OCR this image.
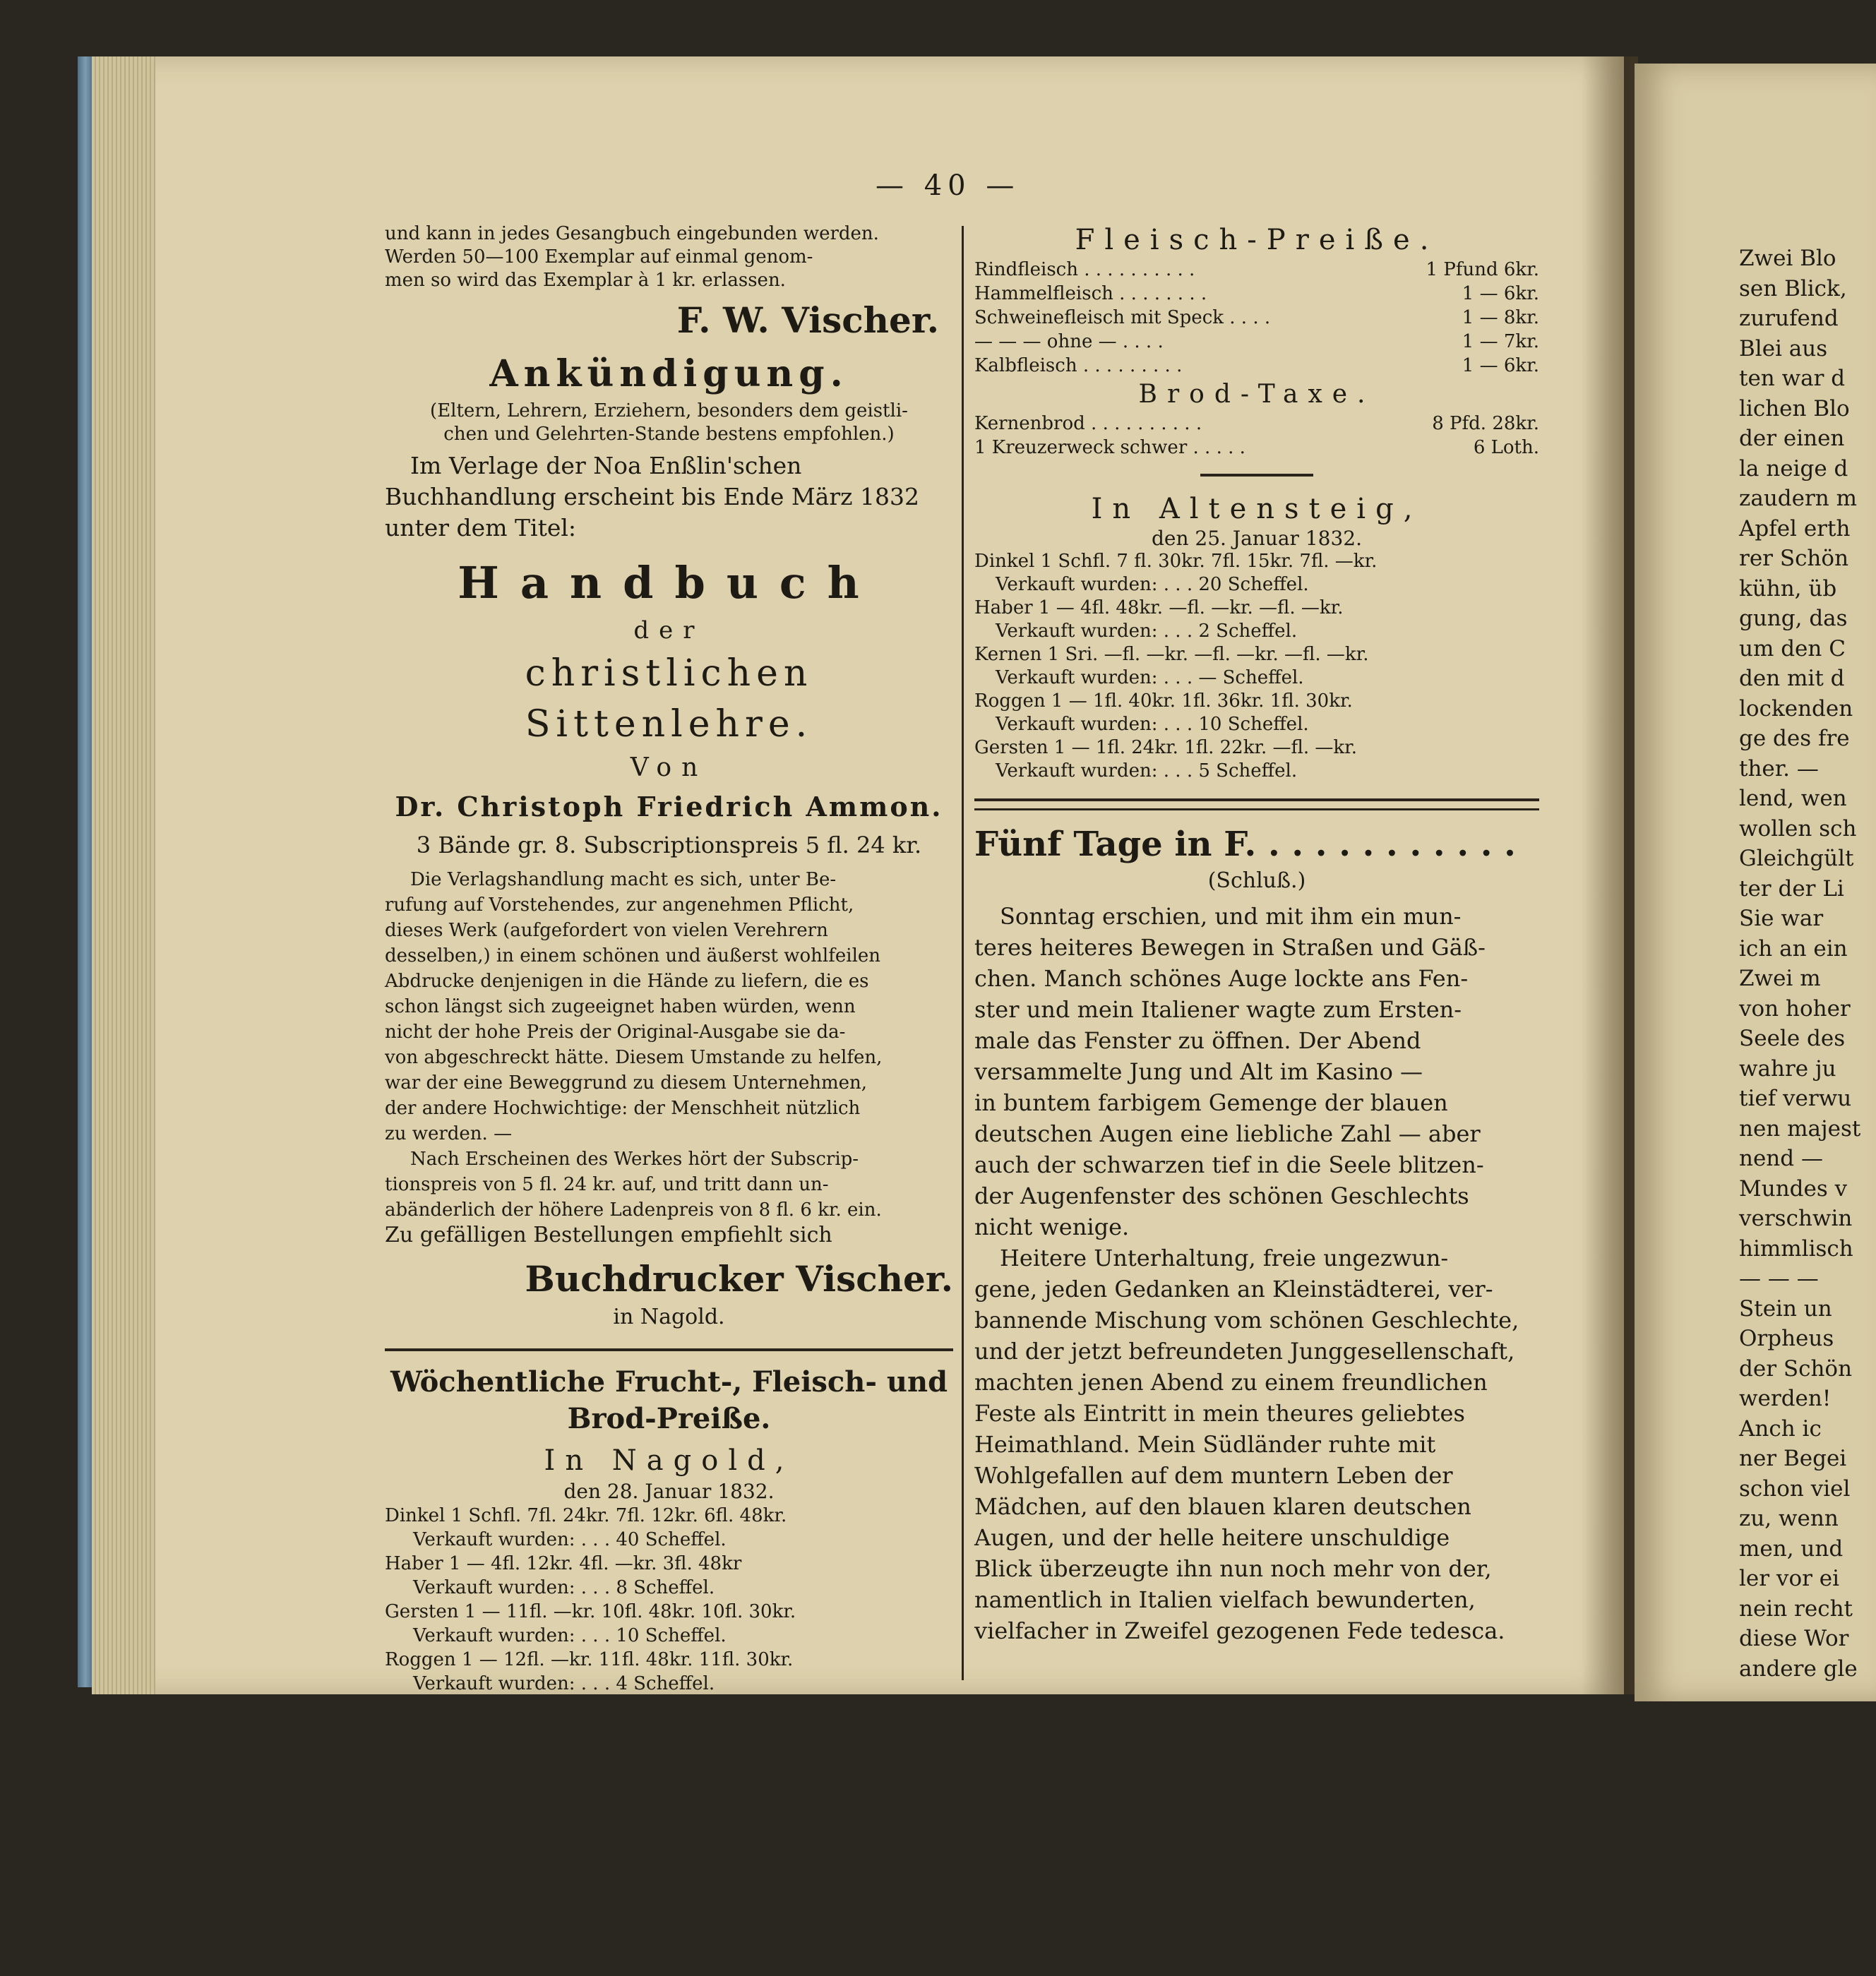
— 40 —
und kann in jedes Gesangbuch eingebunden werden.
Werden 50—100 Exemplar auf einmal genom-
men so wird das Exemplar à 1 kr. erlassen.
F. W. Vischer.
Ankündigung.
(Eltern, Lehrern, Erziehern, besonders dem geistli-
chen und Gelehrten-Stande bestens empfohlen.)
Im Verlage der Noa Enßlin'schen
Buchhandlung erscheint bis Ende März 1832
unter dem Titel:
Handbuch
der
christlichen Sittenlehre.
Von
Dr. Christoph Friedrich Ammon.
3 Bände gr. 8. Subscriptionspreis 5 fl. 24 kr.
Die Verlagshandlung macht es sich, unter Be-
rufung auf Vorstehendes, zur angenehmen Pflicht,
dieses Werk (aufgefordert von vielen Verehrern
desselben,) in einem schönen und äußerst wohlfeilen
Abdrucke denjenigen in die Hände zu liefern, die es
schon längst sich zugeeignet haben würden, wenn
nicht der hohe Preis der Original-Ausgabe sie da-
von abgeschreckt hätte. Diesem Umstande zu helfen,
war der eine Beweggrund zu diesem Unternehmen,
der andere Hochwichtige: der Menschheit nützlich
zu werden. —
Nach Erscheinen des Werkes hört der Subscrip-
tionspreis von 5 fl. 24 kr. auf, und tritt dann un-
abänderlich der höhere Ladenpreis von 8 fl. 6 kr. ein.
Zu gefälligen Bestellungen empfiehlt sich
Buchdrucker Vischer.
in Nagold.
Wöchentliche Frucht-, Fleisch- und
Brod-Preiße.
In Nagold,
den 28. Januar 1832.
Dinkel 1 Schfl. 7fl. 24kr. 7fl. 12kr. 6fl. 48kr.
Verkauft wurden: . . . 40 Scheffel.
Haber 1 — 4fl. 12kr. 4fl. —kr. 3fl. 48kr
Verkauft wurden: . . . 8 Scheffel.
Gersten 1 — 11fl. —kr. 10fl. 48kr. 10fl. 30kr.
Verkauft wurden: . . . 10 Scheffel.
Roggen 1 — 12fl. —kr. 11fl. 48kr. 11fl. 30kr.
Verkauft wurden: . . . 4 Scheffel.
Fleisch-Preiße.
Rindfleisch . . . . . . . . . .	1 Pfund 6kr.
Hammelfleisch . . . . . . . .	1 — 6kr.
Schweinefleisch mit Speck . . . .	1 — 8kr.
— — — ohne — . . . .	1 — 7kr.
Kalbfleisch . . . . . . . . .	1 — 6kr.
Brod-Taxe.
Kernenbrod . . . . . . . . . .	8 Pfd. 28kr.
1 Kreuzerweck schwer . . . . .	6 Loth.
In Altensteig,
den 25. Januar 1832.
Dinkel 1 Schfl. 7 fl. 30kr. 7fl. 15kr. 7fl. —kr.
Verkauft wurden: . . . 20 Scheffel.
Haber 1 — 4fl. 48kr. —fl. —kr. —fl. —kr.
Verkauft wurden: . . . 2 Scheffel.
Kernen 1 Sri. —fl. —kr. —fl. —kr. —fl. —kr.
Verkauft wurden: . . . — Scheffel.
Roggen 1 — 1fl. 40kr. 1fl. 36kr. 1fl. 30kr.
Verkauft wurden: . . . 10 Scheffel.
Gersten 1 — 1fl. 24kr. 1fl. 22kr. —fl. —kr.
Verkauft wurden: . . . 5 Scheffel.
Fünf Tage in F. . . . . . . . . . . .
(Schluß.)
Sonntag erschien, und mit ihm ein mun-
teres heiteres Bewegen in Straßen und Gäß-
chen. Manch schönes Auge lockte ans Fen-
ster und mein Italiener wagte zum Ersten-
male das Fenster zu öffnen. Der Abend
versammelte Jung und Alt im Kasino —
in buntem farbigem Gemenge der blauen
deutschen Augen eine liebliche Zahl — aber
auch der schwarzen tief in die Seele blitzen-
der Augenfenster des schönen Geschlechts
nicht wenige.
Heitere Unterhaltung, freie ungezwun-
gene, jeden Gedanken an Kleinstädterei, ver-
bannende Mischung vom schönen Geschlechte,
und der jetzt befreundeten Junggesellenschaft,
machten jenen Abend zu einem freundlichen
Feste als Eintritt in mein theures geliebtes
Heimathland. Mein Südländer ruhte mit
Wohlgefallen auf dem muntern Leben der
Mädchen, auf den blauen klaren deutschen
Augen, und der helle heitere unschuldige
Blick überzeugte ihn nun noch mehr von der,
namentlich in Italien vielfach bewunderten,
vielfacher in Zweifel gezogenen Fede tedesca.
Zwei Blo
sen Blick,
zurufend
Blei aus
ten war d
lichen Blo
der einen
la neige d
zaudern m
Apfel erth
rer Schön
kühn, üb
gung, das
um den C
den mit d
lockenden
ge des fre
ther. —
lend, wen
wollen sch
Gleichgült
ter der Li
Sie war
ich an ein
Zwei m
von hoher
Seele des
wahre ju
tief verwu
nen majest
nend —
Mundes v
verschwin
himmlisch
— — —
Stein un
Orpheus
der Schön
werden!
Anch ic
ner Begei
schon viel
zu, wenn
men, und
ler vor ei
nein recht
diese Wor
andere gle
